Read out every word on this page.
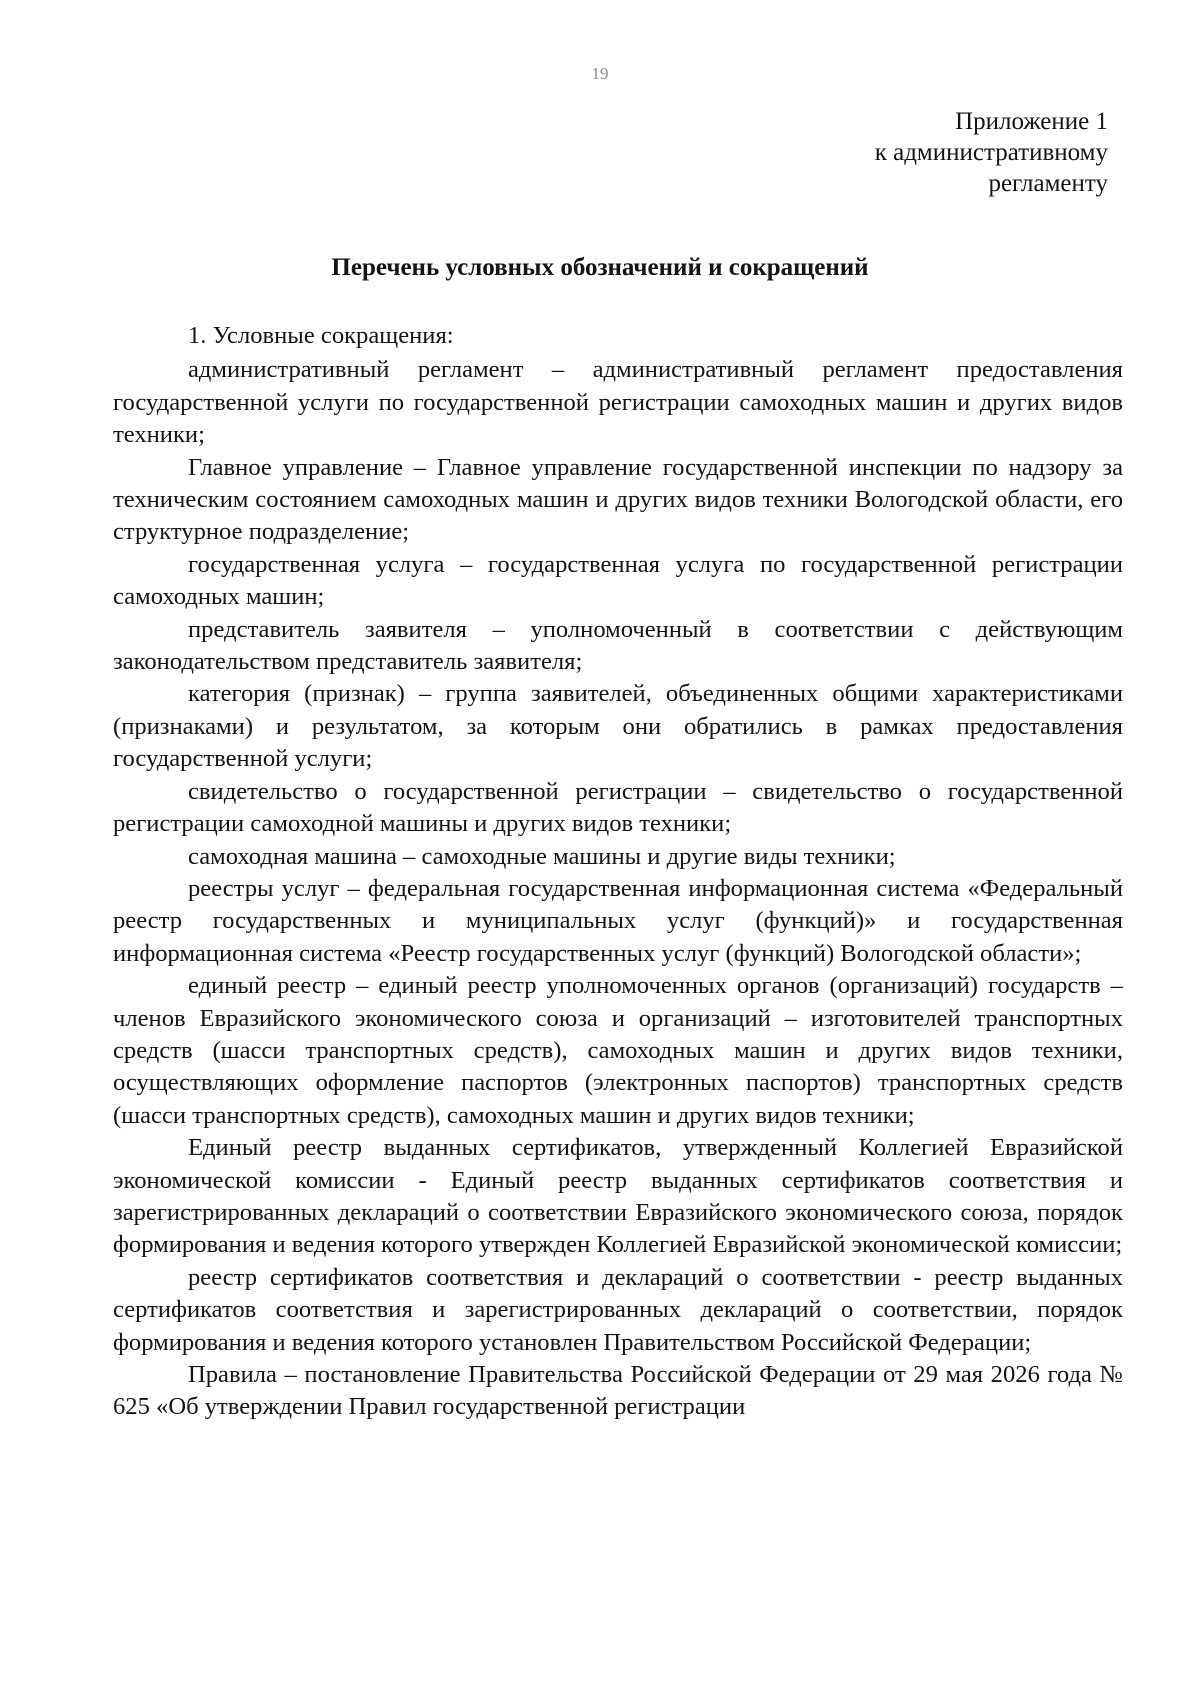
19
Приложение 1
к административному
регламенту
Перечень условных обозначений и сокращений

1. Условные сокращения:

административный регламент – административный регламент предоставления государственной услуги по государственной регистрации самоходных машин и других видов техники;

Главное управление – Главное управление государственной инспекции по надзору за техническим состоянием самоходных машин и других видов техники Вологодской области, его структурное подразделение;

государственная услуга – государственная услуга по государственной регистрации самоходных машин;

представитель заявителя – уполномоченный в соответствии с действующим законодательством представитель заявителя;

категория (признак) – группа заявителей, объединенных общими характеристиками (признаками) и результатом, за которым они обратились в рамках предоставления государственной услуги;

свидетельство о государственной регистрации – свидетельство о государственной регистрации самоходной машины и других видов техники;

самоходная машина – самоходные машины и другие виды техники;

реестры услуг – федеральная государственная информационная система «Федеральный реестр государственных и муниципальных услуг (функций)» и государственная информационная система «Реестр государственных услуг (функций) Вологодской области»;

единый реестр – единый реестр уполномоченных органов (организаций) государств – членов Евразийского экономического союза и организаций – изготовителей транспортных средств (шасси транспортных средств), самоходных машин и других видов техники, осуществляющих оформление паспортов (электронных паспортов) транспортных средств (шасси транспортных средств), самоходных машин и других видов техники;

Единый реестр выданных сертификатов, утвержденный Коллегией Евразийской экономической комиссии - Единый реестр выданных сертификатов соответствия и зарегистрированных деклараций о соответствии Евразийского экономического союза, порядок формирования и ведения которого утвержден Коллегией Евразийской экономической комиссии;

реестр сертификатов соответствия и деклараций о соответствии - реестр выданных сертификатов соответствия и зарегистрированных деклараций о соответствии, порядок формирования и ведения которого установлен Правительством Российской Федерации;

Правила – постановление Правительства Российской Федерации от 29 мая 2026 года № 625 «Об утверждении Правил государственной регистрации
